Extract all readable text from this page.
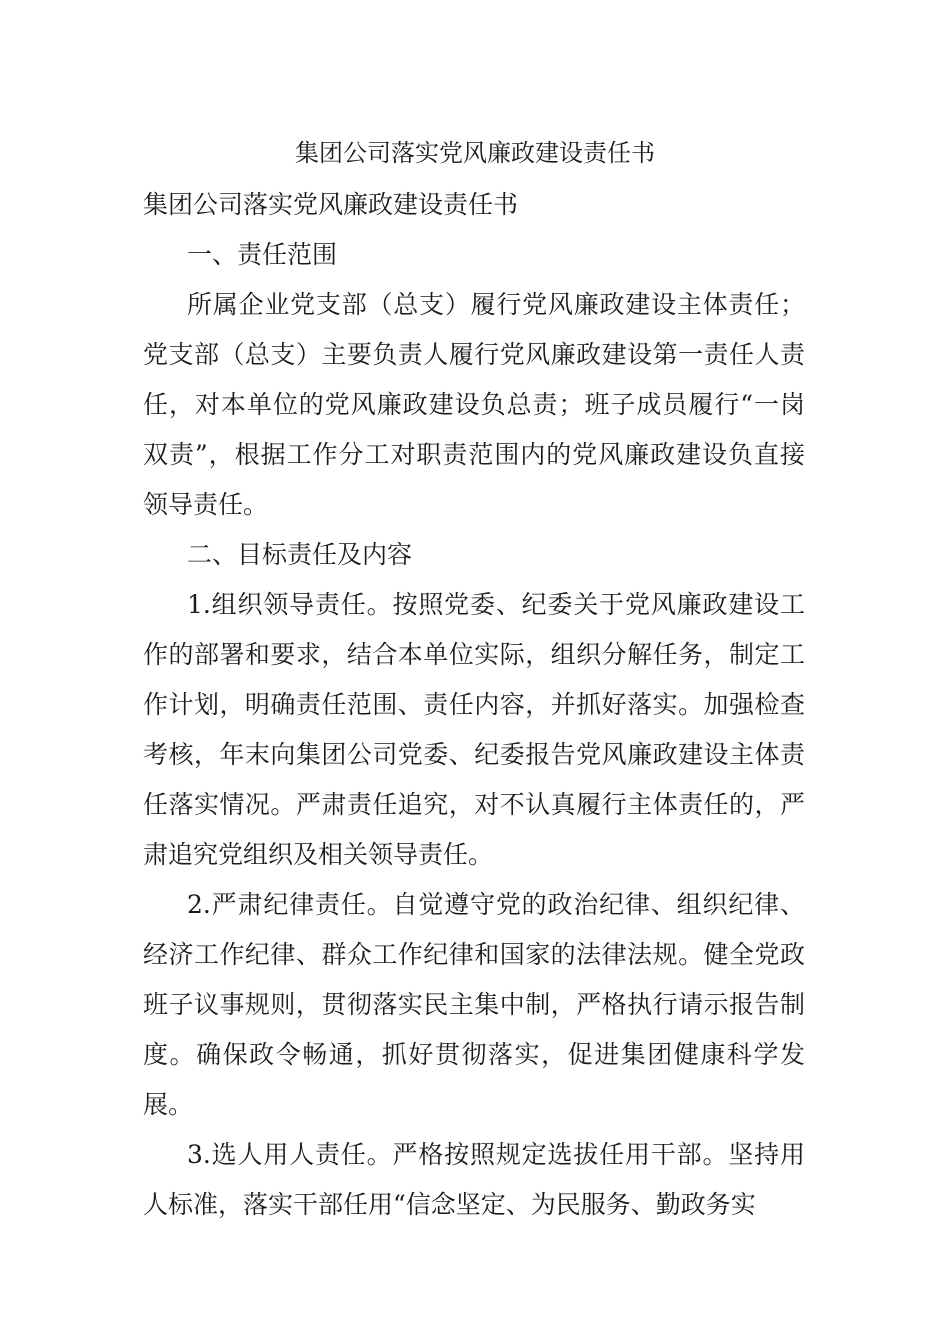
集团公司落实党风廉政建设责任书

集团公司落实党风廉政建设责任书

一、责任范围

所属企业党支部（总支）履行党风廉政建设主体责任；党支部（总支）主要负责人履行党风廉政建设第一责任人责任，对本单位的党风廉政建设负总责；班子成员履行“一岗双责”，根据工作分工对职责范围内的党风廉政建设负直接领导责任。

二、目标责任及内容

1.组织领导责任。按照党委、纪委关于党风廉政建设工作的部署和要求，结合本单位实际，组织分解任务，制定工作计划，明确责任范围、责任内容，并抓好落实。加强检查考核，年末向集团公司党委、纪委报告党风廉政建设主体责任落实情况。严肃责任追究，对不认真履行主体责任的，严肃追究党组织及相关领导责任。

2.严肃纪律责任。自觉遵守党的政治纪律、组织纪律、经济工作纪律、群众工作纪律和国家的法律法规。健全党政班子议事规则，贯彻落实民主集中制，严格执行请示报告制度。确保政令畅通，抓好贯彻落实，促进集团健康科学发展。

3.选人用人责任。严格按照规定选拔任用干部。坚持用人标准，落实干部任用“信念坚定、为民服务、勤政务实
